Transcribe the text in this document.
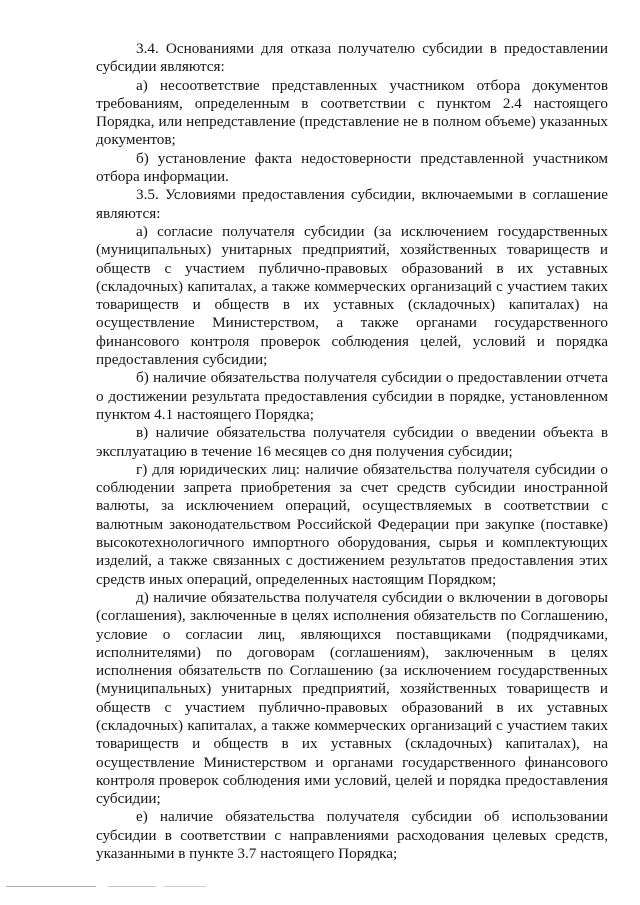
3.4. Основаниями для отказа получателю субсидии в предоставлении субсидии являются:

а) несоответствие представленных участником отбора документов требованиям, определенным в соответствии с пунктом 2.4 настоящего Порядка, или непредставление (представление не в полном объеме) указанных документов;

б) установление факта недостоверности представленной участником отбора информации.

3.5. Условиями предоставления субсидии, включаемыми в соглашение являются:

а) согласие получателя субсидии (за исключением государственных (муниципальных) унитарных предприятий, хозяйственных товариществ и обществ с участием публично-правовых образований в их уставных (складочных) капиталах, а также коммерческих организаций с участием таких товариществ и обществ в их уставных (складочных) капиталах) на осуществление Министерством, а также органами государственного финансового контроля проверок соблюдения целей, условий и порядка предоставления субсидии;

б) наличие обязательства получателя субсидии о предоставлении отчета о достижении результата предоставления субсидии в порядке, установленном пунктом 4.1 настоящего Порядка;

в) наличие обязательства получателя субсидии о введении объекта в эксплуатацию в течение 16 месяцев со дня получения субсидии;

г) для юридических лиц: наличие обязательства получателя субсидии о соблюдении запрета приобретения за счет средств субсидии иностранной валюты, за исключением операций, осуществляемых в соответствии с валютным законодательством Российской Федерации при закупке (поставке) высокотехнологичного импортного оборудования, сырья и комплектующих изделий, а также связанных с достижением результатов предоставления этих средств иных операций, определенных настоящим Порядком;

д) наличие обязательства получателя субсидии о включении в договоры (соглашения), заключенные в целях исполнения обязательств по Соглашению, условие о согласии лиц, являющихся поставщиками (подрядчиками, исполнителями) по договорам (соглашениям), заключенным в целях исполнения обязательств по Соглашению (за исключением государственных (муниципальных) унитарных предприятий, хозяйственных товариществ и обществ с участием публично-правовых образований в их уставных (складочных) капиталах, а также коммерческих организаций с участием таких товариществ и обществ в их уставных (складочных) капиталах), на осуществление Министерством и органами государственного финансового контроля проверок соблюдения ими условий, целей и порядка предоставления субсидии;

е) наличие обязательства получателя субсидии об использовании субсидии в соответствии с направлениями расходования целевых средств, указанными в пункте 3.7 настоящего Порядка;
